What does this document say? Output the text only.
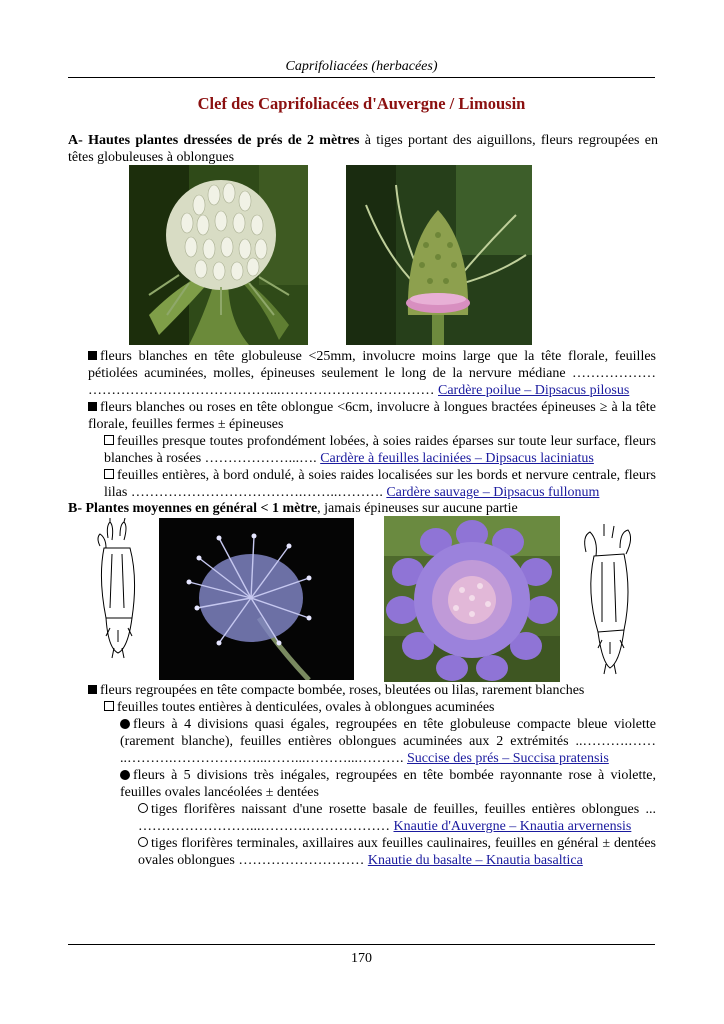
Caprifoliacées (herbacées)
Clef des Caprifoliacées d'Auvergne / Limousin
A- Hautes plantes dressées de prés de 2 mètres à tiges portant des aiguillons, fleurs regroupées en têtes globuleuses à oblongues
fleurs blanches en tête globuleuse <25mm, involucre moins large que la tête florale, feuilles pétiolées acuminées, molles, épineuses seulement le long de la nervure médiane ……………… …………………………………...…………………………… Cardère poilue – Dipsacus pilosus
fleurs blanches ou roses en tête oblongue <6cm, involucre à longues bractées épineuses ≥ à la tête florale, feuilles fermes ± épineuses
feuilles presque toutes profondément lobées, à soies raides éparses sur toute leur surface, fleurs blanches à rosées ………………...…. Cardère à feuilles laciniées – Dipsacus laciniatus
feuilles entières, à bord ondulé, à soies raides localisées sur les bords et nervure centrale, fleurs lilas ……………………………….……..………. Cardère sauvage – Dipsacus fullonum
B- Plantes moyennes en général < 1 mètre, jamais épineuses sur aucune partie
fleurs regroupées en tête compacte bombée, roses, bleutées ou lilas, rarement blanches
feuilles toutes entières à denticulées, ovales à oblongues acuminées
fleurs à 4 divisions quasi égales, regroupées en tête globuleuse compacte bleue violette (rarement blanche), feuilles entières oblongues acuminées aux 2 extrémités ..……….…… ..……….………………...……...………...………. Succise des prés – Succisa pratensis
fleurs à 5 divisions très inégales, regroupées en tête bombée rayonnante rose à violette, feuilles ovales lancéolées ± dentées
tiges florifères naissant d'une rosette basale de feuilles, feuilles entières oblongues ... ……………………...……….……………… Knautie d'Auvergne – Knautia arvernensis
tiges florifères terminales, axillaires aux feuilles caulinaires, feuilles en général ± dentées ovales oblongues ……………………… Knautie du basalte – Knautia basaltica
170
